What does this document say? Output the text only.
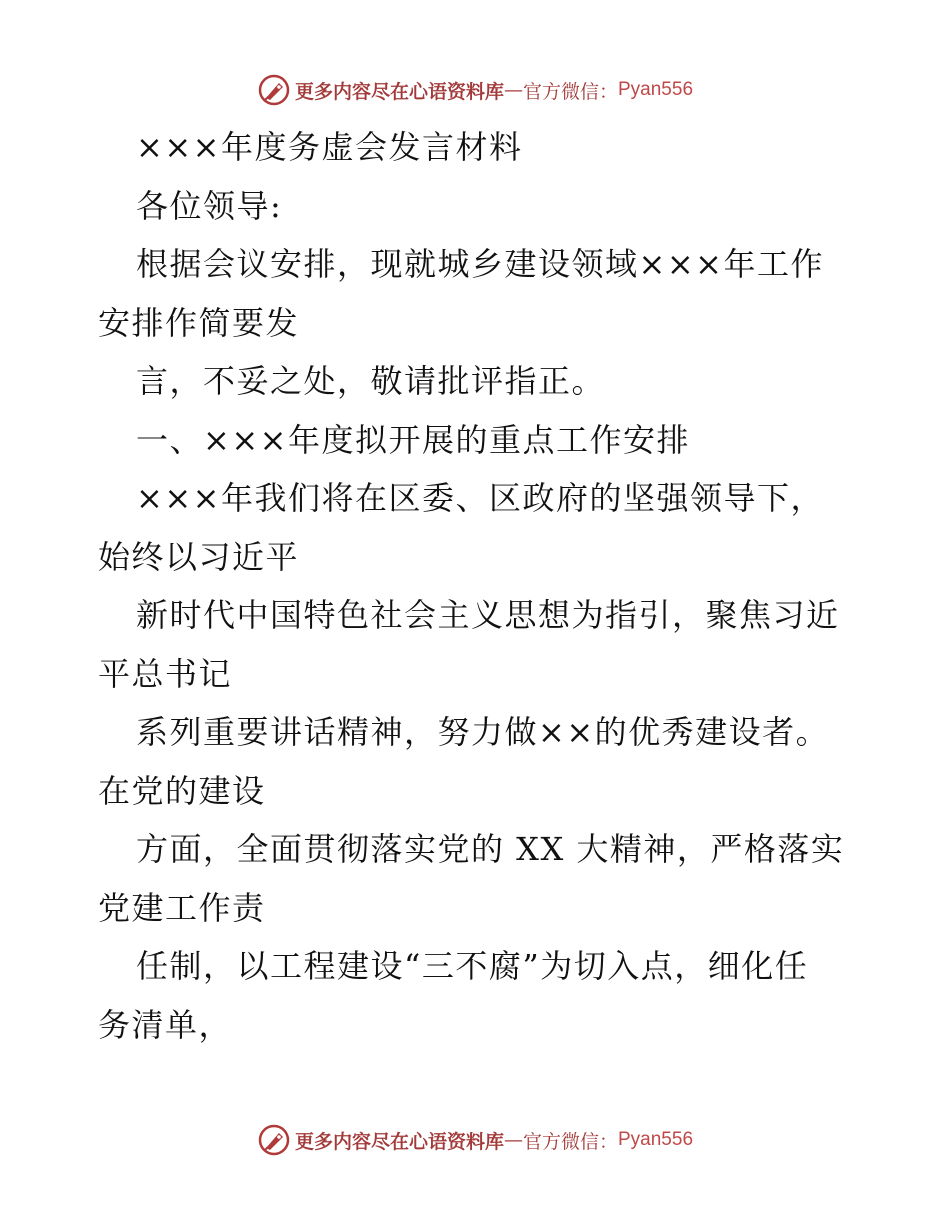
更多内容尽在心语资料库 — 官方微信： Pyan556
×××年度务虚会发言材料
各位领导:
根据会议安排，现就城乡建设领域×××年工作
安排作简要发
言，不妥之处，敬请批评指正。
一、×××年度拟开展的重点工作安排
×××年我们将在区委、区政府的坚强领导下，
始终以习近平
新时代中国特色社会主义思想为指引，聚焦习近
平总书记
系列重要讲话精神，努力做××的优秀建设者。
在党的建设
方面，全面贯彻落实党的 XX 大精神，严格落实
党建工作责
任制，以工程建设“三不腐”为切入点，细化任
务清单，
更多内容尽在心语资料库 — 官方微信： Pyan556
